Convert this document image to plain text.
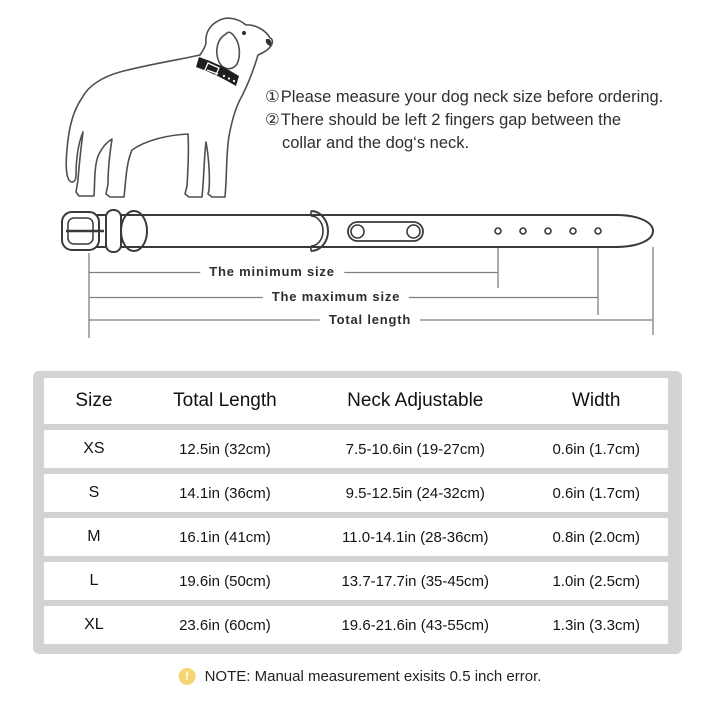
①Please measure your dog neck size before ordering.
②There should be left 2 fingers gap between the
collar and the dog‘s neck.
The minimum size
The maximum size
Total length
Size	Total Length	Neck Adjustable	Width
XS	12.5in (32cm)	7.5-10.6in (19-27cm)	0.6in (1.7cm)
S	14.1in (36cm)	9.5-12.5in (24-32cm)	0.6in (1.7cm)
M	16.1in (41cm)	11.0-14.1in (28-36cm)	0.8in (2.0cm)
L	19.6in (50cm)	13.7-17.7in (35-45cm)	1.0in (2.5cm)
XL	23.6in (60cm)	19.6-21.6in (43-55cm)	1.3in (3.3cm)
!	NOTE: Manual measurement exisits 0.5 inch error.
